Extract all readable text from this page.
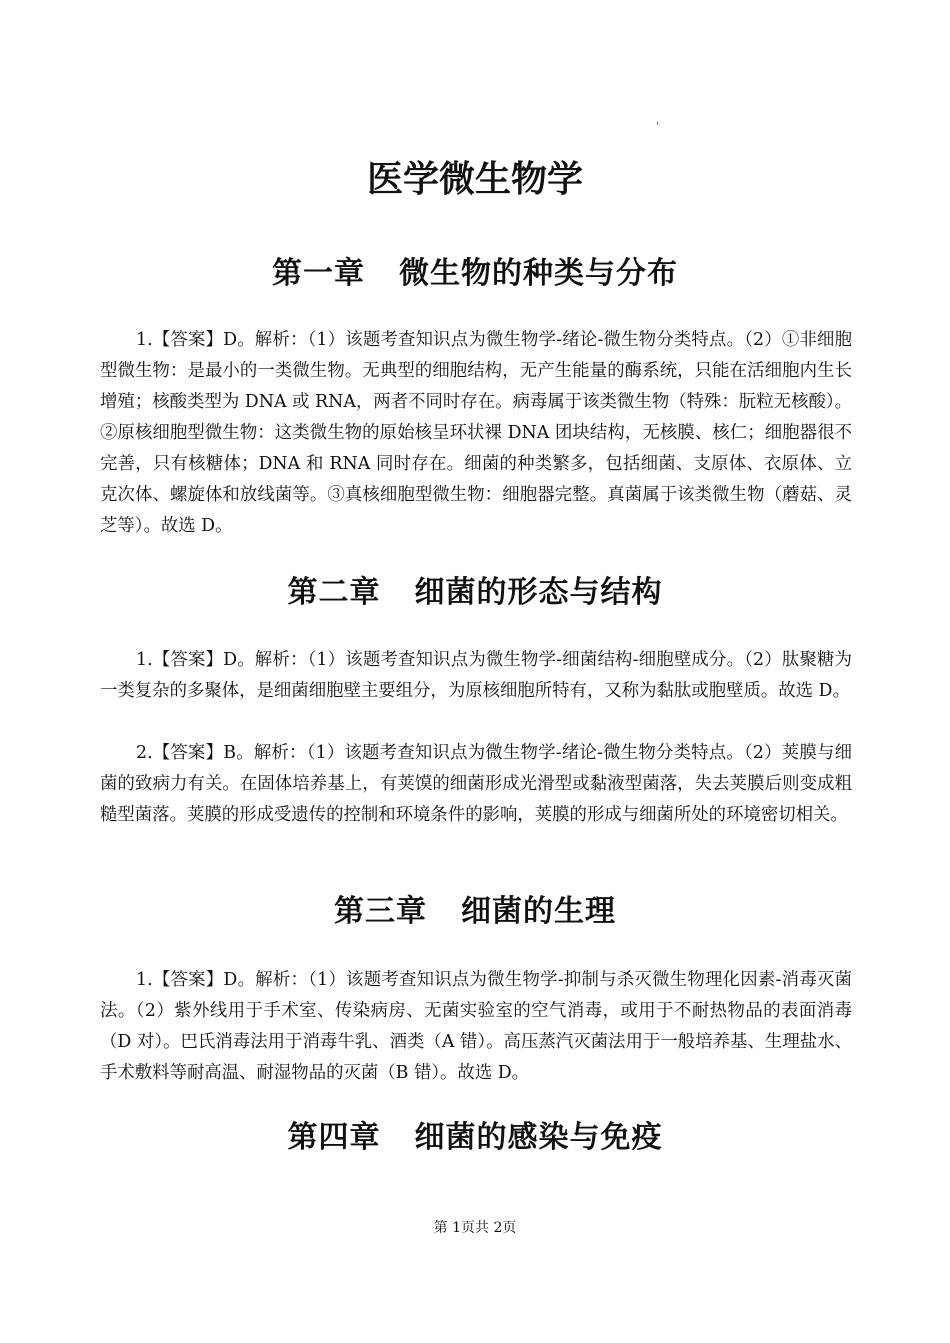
'
医学微生物学
第一章 微生物的种类与分布

1.【答案】D。解析：（1）该题考查知识点为微生物学-绪论-微生物分类特点。（2）①非细胞型微生物：是最小的一类微生物。无典型的细胞结构，无产生能量的酶系统，只能在活细胞内生长增殖；核酸类型为 DNA 或 RNA，两者不同时存在。病毒属于该类微生物（特殊：朊粒无核酸）。②原核细胞型微生物：这类微生物的原始核呈环状裸 DNA 团块结构，无核膜、核仁；细胞器很不完善，只有核糖体；DNA 和 RNA 同时存在。细菌的种类繁多，包括细菌、支原体、衣原体、立克次体、螺旋体和放线菌等。③真核细胞型微生物：细胞器完整。真菌属于该类微生物（蘑菇、灵芝等）。故选 D。

第二章 细菌的形态与结构

1.【答案】D。解析：（1）该题考查知识点为微生物学-细菌结构-细胞壁成分。（2）肽聚糖为一类复杂的多聚体，是细菌细胞壁主要组分，为原核细胞所特有，又称为黏肽或胞壁质。故选 D。

2.【答案】B。解析：（1）该题考查知识点为微生物学-绪论-微生物分类特点。（2）荚膜与细菌的致病力有关。在固体培养基上，有荚馍的细菌形成光滑型或黏液型菌落，失去荚膜后则变成粗糙型菌落。荚膜的形成受遗传的控制和环境条件的影响，荚膜的形成与细菌所处的环境密切相关。

第三章 细菌的生理

1.【答案】D。解析：（1）该题考查知识点为微生物学-抑制与杀灭微生物理化因素-消毒灭菌法。（2）紫外线用于手术室、传染病房、无菌实验室的空气消毒，或用于不耐热物品的表面消毒（D 对）。巴氏消毒法用于消毒牛乳、酒类（A 错）。高压蒸汽灭菌法用于一般培养基、生理盐水、手术敷料等耐高温、耐湿物品的灭菌（B 错）。故选 D。

第四章 细菌的感染与免疫
第 1页共 2页
